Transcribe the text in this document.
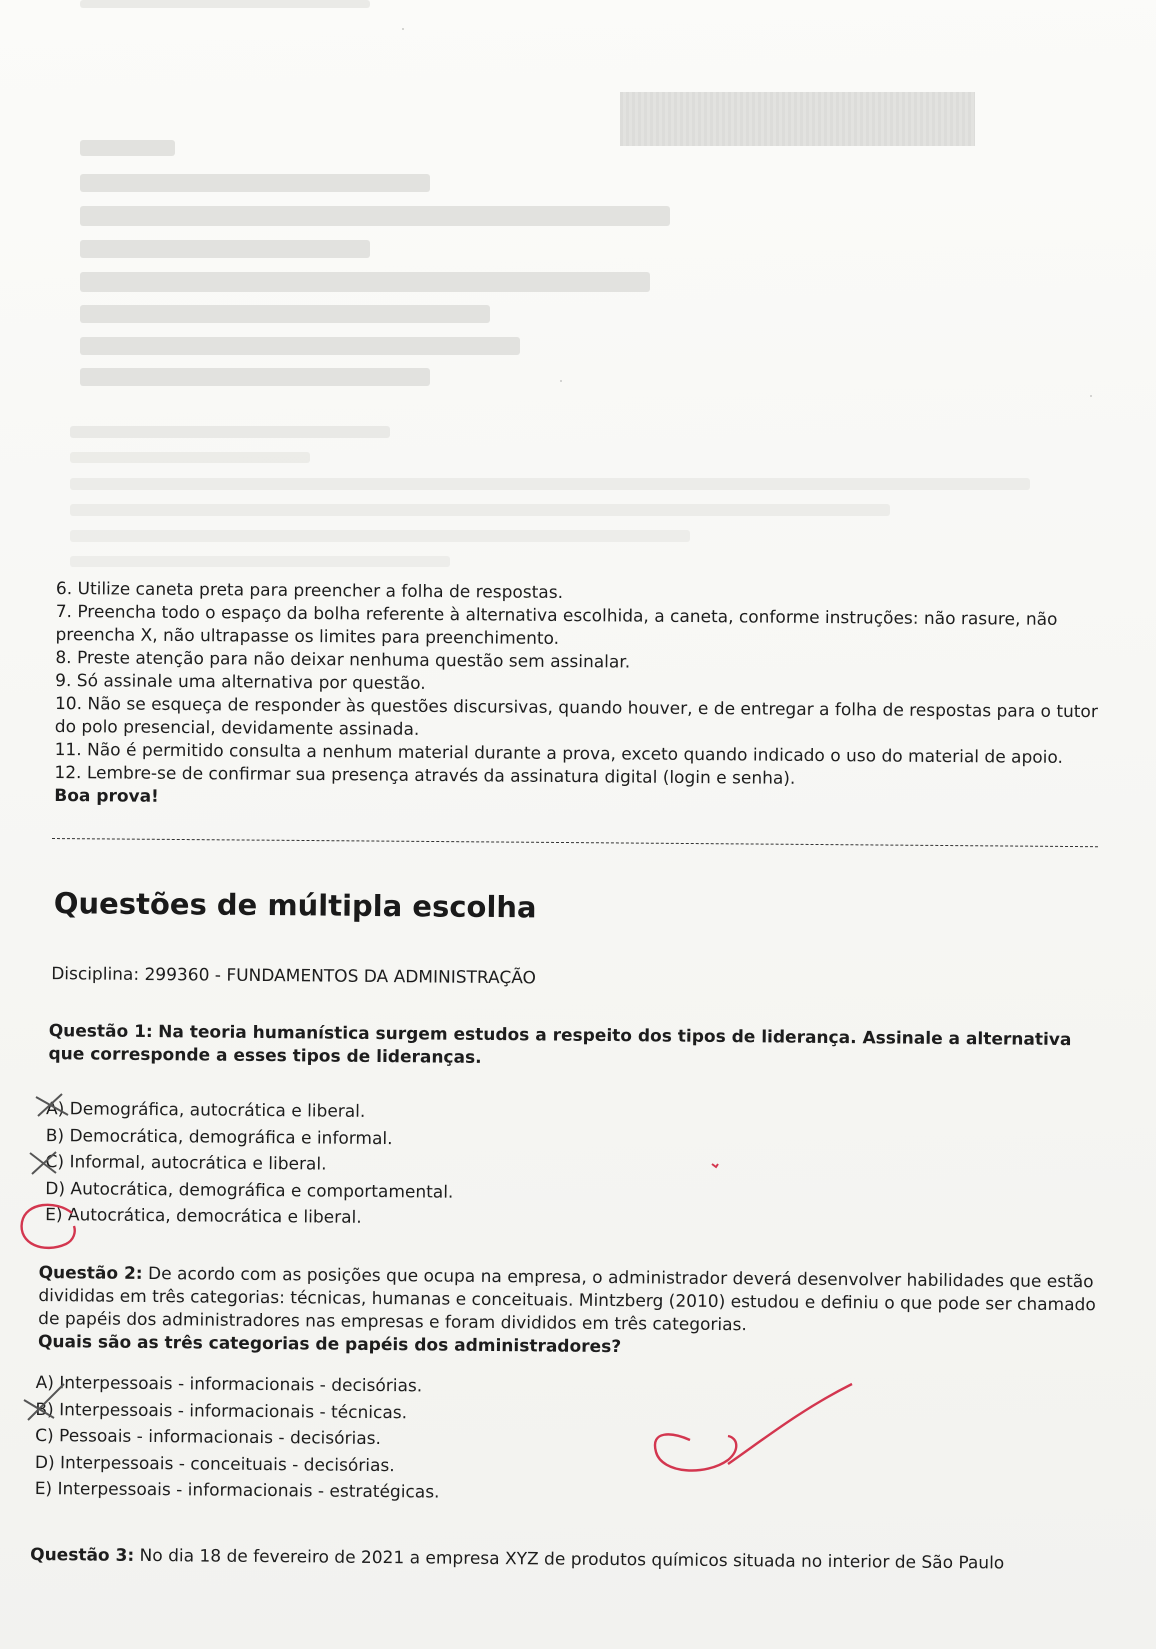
6. Utilize caneta preta para preencher a folha de respostas.

7. Preencha todo o espaço da bolha referente à alternativa escolhida, a caneta, conforme instruções: não rasure, não preencha X, não ultrapasse os limites para preenchimento.

8. Preste atenção para não deixar nenhuma questão sem assinalar.

9. Só assinale uma alternativa por questão.

10. Não se esqueça de responder às questões discursivas, quando houver, e de entregar a folha de respostas para o tutor do polo presencial, devidamente assinada.

11. Não é permitido consulta a nenhum material durante a prova, exceto quando indicado o uso do material de apoio.

12. Lembre-se de confirmar sua presença através da assinatura digital (login e senha).

Boa prova!

Questões de múltipla escolha
Disciplina: 299360 - FUNDAMENTOS DA ADMINISTRAÇÃO
Questão 1: Na teoria humanística surgem estudos a respeito dos tipos de liderança. Assinale a alternativa que corresponde a esses tipos de lideranças.
A) Demográfica, autocrática e liberal.
B) Democrática, demográfica e informal.
C) Informal, autocrática e liberal.
D) Autocrática, demográfica e comportamental.
E) Autocrática, democrática e liberal.
Questão 2: De acordo com as posições que ocupa na empresa, o administrador deverá desenvolver habilidades que estão divididas em três categorias: técnicas, humanas e conceituais. Mintzberg (2010) estudou e definiu o que pode ser chamado de papéis dos administradores nas empresas e foram divididos em três categorias.
Quais são as três categorias de papéis dos administradores?
A) Interpessoais - informacionais - decisórias.
B) Interpessoais - informacionais - técnicas.
C) Pessoais - informacionais - decisórias.
D) Interpessoais - conceituais - decisórias.
E) Interpessoais - informacionais - estratégicas.
Questão 3: No dia 18 de fevereiro de 2021 a empresa XYZ de produtos químicos situada no interior de São Paulo
